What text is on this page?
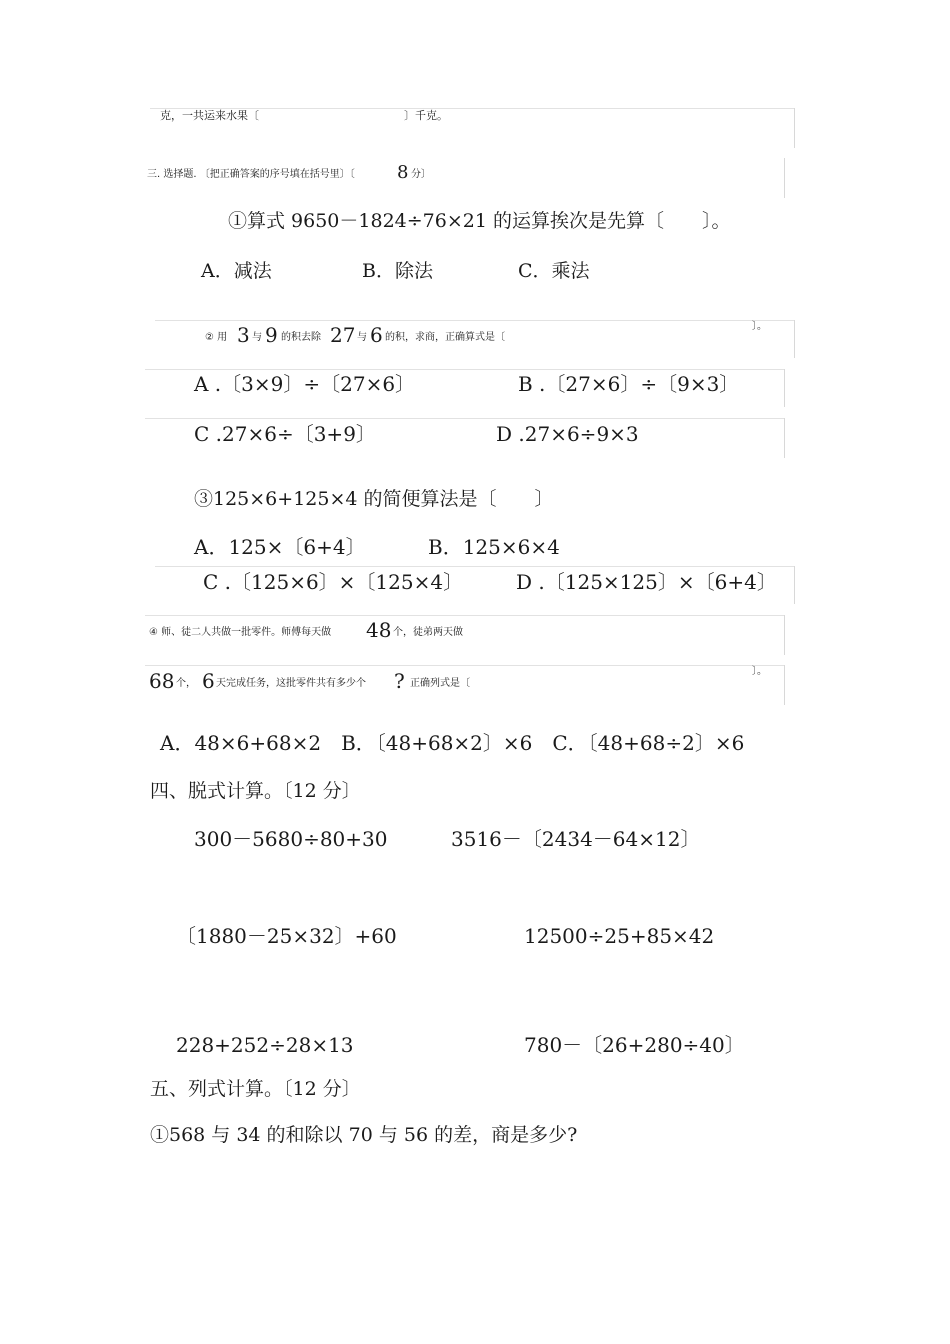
克，一共运来水果〔	〕千克。
三. 选择题. 〔把正确答案的序号填在括号里〕〔 8 分〕
①算式 9650－1824÷76×21 的运算挨次是先算〔　　〕。
A．减法	B．除法	C．乘法
② 用 3 与 9 的积去除 27 与 6 的积，求商，正确算式是〔
〕。
A .〔3×9〕÷〔27×6〕	B .〔27×6〕÷〔9×3〕
C .27×6÷〔3+9〕	D .27×6÷9×3
③125×6+125×4 的简便算法是〔　　〕
A．125×〔6+4〕	B．125×6×4
C .〔125×6〕×〔125×4〕	D .〔125×125〕×〔6+4〕
④ 师、徒二人共做一批零件。师傅每天做 48 个，徒弟两天做
68 个， 6 天完成任务，这批零件共有多少个 ? 正确列式是〔
〕。
A．48×6+68×2　B．〔48+68×2〕×6　C．〔48+68÷2〕×6
四、脱式计算。〔12 分〕
300－5680÷80+30	3516－〔2434－64×12〕
〔1880－25×32〕+60	12500÷25+85×42
228+252÷28×13	780－〔26+280÷40〕
五、列式计算。〔12 分〕
①568 与 34 的和除以 70 与 56 的差，商是多少?
